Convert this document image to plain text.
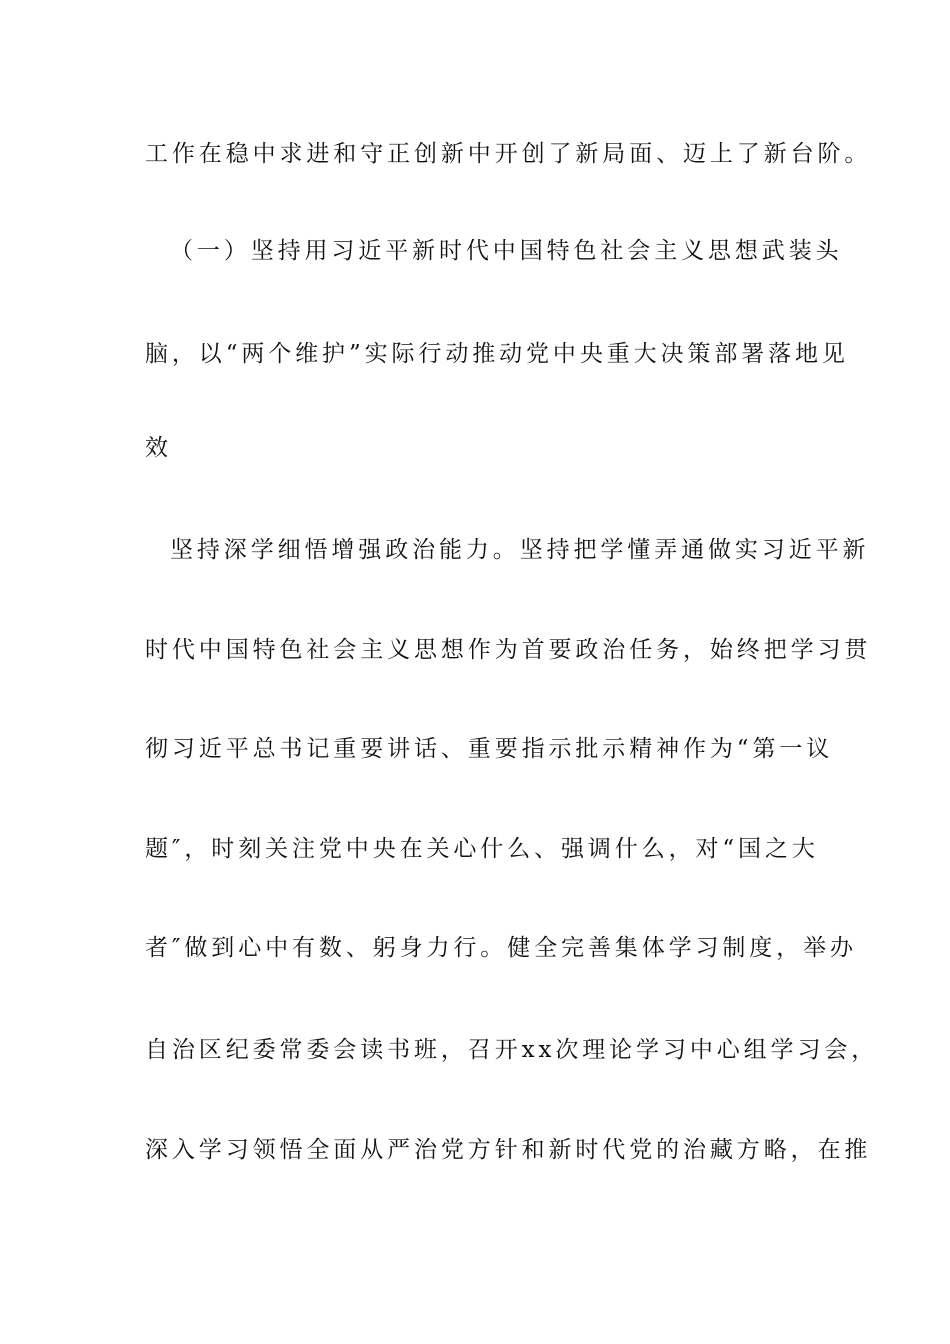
工作在稳中求进和守正创新中开创了新局面、迈上了新台阶。
（一）坚持用习近平新时代中国特色社会主义思想武装头
脑，以“两个维护”实际行动推动党中央重大决策部署落地见
效
坚持深学细悟增强政治能力。坚持把学懂弄通做实习近平新
时代中国特色社会主义思想作为首要政治任务，始终把学习贯
彻习近平总书记重要讲话、重要指示批示精神作为“第一议
题″，时刻关注党中央在关心什么、强调什么，对“国之大
者″做到心中有数、躬身力行。健全完善集体学习制度，举办
自治区纪委常委会读书班，召开xx次理论学习中心组学习会，
深入学习领悟全面从严治党方针和新时代党的治藏方略，在推
